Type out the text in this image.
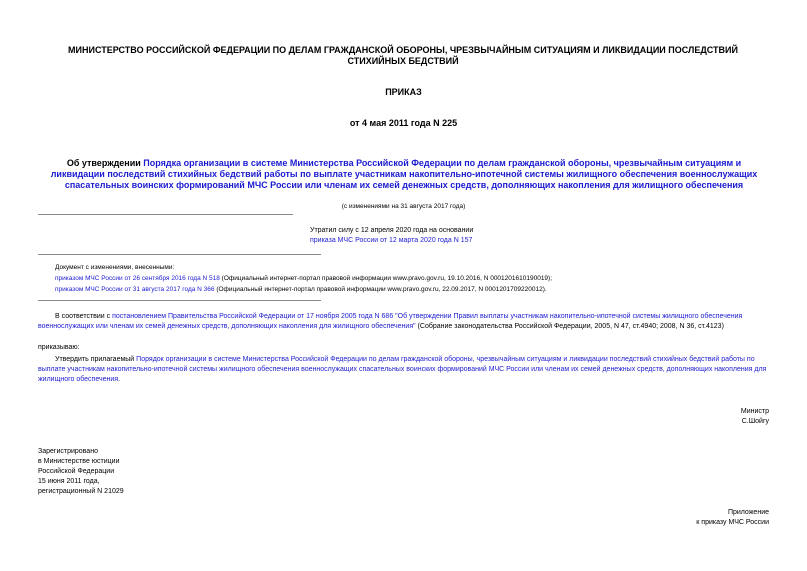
МИНИСТЕРСТВО РОССИЙСКОЙ ФЕДЕРАЦИИ ПО ДЕЛАМ ГРАЖДАНСКОЙ ОБОРОНЫ, ЧРЕЗВЫЧАЙНЫМ СИТУАЦИЯМ И ЛИКВИДАЦИИ ПОСЛЕДСТВИЙ СТИХИЙНЫХ БЕДСТВИЙ
ПРИКАЗ
от 4 мая 2011 года N 225
Об утверждении Порядка организации в системе Министерства Российской Федерации по делам гражданской обороны, чрезвычайным ситуациям и ликвидации последствий стихийных бедствий работы по выплате участникам накопительно-ипотечной системы жилищного обеспечения военнослужащих спасательных воинских формирований МЧС России или членам их семей денежных средств, дополняющих накопления для жилищного обеспечения
(с изменениями на 31 августа 2017 года)
Утратил силу с 12 апреля 2020 года на основании
приказа МЧС России от 12 марта 2020 года N 157
Документ с изменениями, внесенными:
приказом МЧС России от 26 сентября 2016 года N 518 (Официальный интернет-портал правовой информации www.pravo.gov.ru, 19.10.2016, N 0001201610190019);
приказом МЧС России от 31 августа 2017 года N 366 (Официальный интернет-портал правовой информации www.pravo.gov.ru, 22.09.2017, N 0001201709220012).
В соответствии с постановлением Правительства Российской Федерации от 17 ноября 2005 года N 686 "Об утверждении Правил выплаты участникам накопительно-ипотечной системы жилищного обеспечения военнослужащих или членам их семей денежных средств, дополняющих накопления для жилищного обеспечения" (Собрание законодательства Российской Федерации, 2005, N 47, ст.4940; 2008, N 36, ст.4123)
приказываю:
Утвердить прилагаемый Порядок организации в системе Министерства Российской Федерации по делам гражданской обороны, чрезвычайным ситуациям и ликвидации последствий стихийных бедствий работы по выплате участникам накопительно-ипотечной системы жилищного обеспечения военнослужащих спасательных воинских формирований МЧС России или членам их семей денежных средств, дополняющих накопления для жилищного обеспечения.
Министр
С.Шойгу
Зарегистрировано
в Министерстве юстиции
Российской Федерации
15 июня 2011 года,
регистрационный N 21029
Приложение
к приказу МЧС России
